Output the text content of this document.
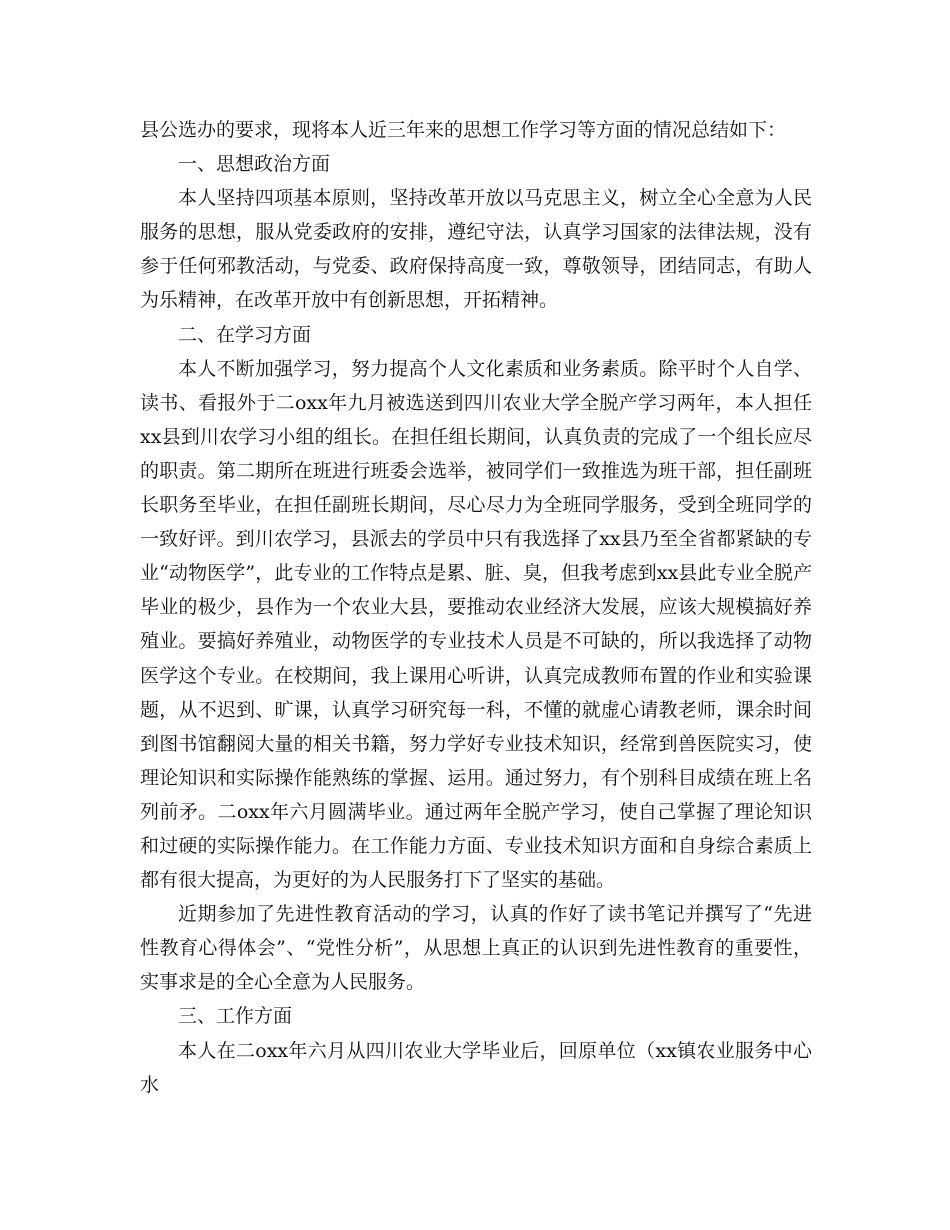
县公选办的要求，现将本人近三年来的思想工作学习等方面的情况总结如下：

一、思想政治方面

本人坚持四项基本原则，坚持改革开放以马克思主义，树立全心全意为人民服务的思想，服从党委政府的安排，遵纪守法，认真学习国家的法律法规，没有参于任何邪教活动，与党委、政府保持高度一致，尊敬领导，团结同志，有助人为乐精神，在改革开放中有创新思想，开拓精神。

二、在学习方面

本人不断加强学习，努力提高个人文化素质和业务素质。除平时个人自学、读书、看报外于二oxx年九月被选送到四川农业大学全脱产学习两年，本人担任xx县到川农学习小组的组长。在担任组长期间，认真负责的完成了一个组长应尽的职责。第二期所在班进行班委会选举，被同学们一致推选为班干部，担任副班长职务至毕业，在担任副班长期间，尽心尽力为全班同学服务，受到全班同学的一致好评。到川农学习，县派去的学员中只有我选择了xx县乃至全省都紧缺的专业“动物医学”，此专业的工作特点是累、脏、臭，但我考虑到xx县此专业全脱产毕业的极少，县作为一个农业大县，要推动农业经济大发展，应该大规模搞好养殖业。要搞好养殖业，动物医学的专业技术人员是不可缺的，所以我选择了动物医学这个专业。在校期间，我上课用心听讲，认真完成教师布置的作业和实验课题，从不迟到、旷课，认真学习研究每一科，不懂的就虚心请教老师，课余时间到图书馆翻阅大量的相关书籍，努力学好专业技术知识，经常到兽医院实习，使理论知识和实际操作能熟练的掌握、运用。通过努力，有个别科目成绩在班上名列前矛。二oxx年六月圆满毕业。通过两年全脱产学习，使自己掌握了理论知识和过硬的实际操作能力。在工作能力方面、专业技术知识方面和自身综合素质上都有很大提高，为更好的为人民服务打下了坚实的基础。

近期参加了先进性教育活动的学习，认真的作好了读书笔记并撰写了“先进性教育心得体会”、“党性分析”，从思想上真正的认识到先进性教育的重要性，实事求是的全心全意为人民服务。

三、工作方面

本人在二oxx年六月从四川农业大学毕业后，回原单位（xx镇农业服务中心水
